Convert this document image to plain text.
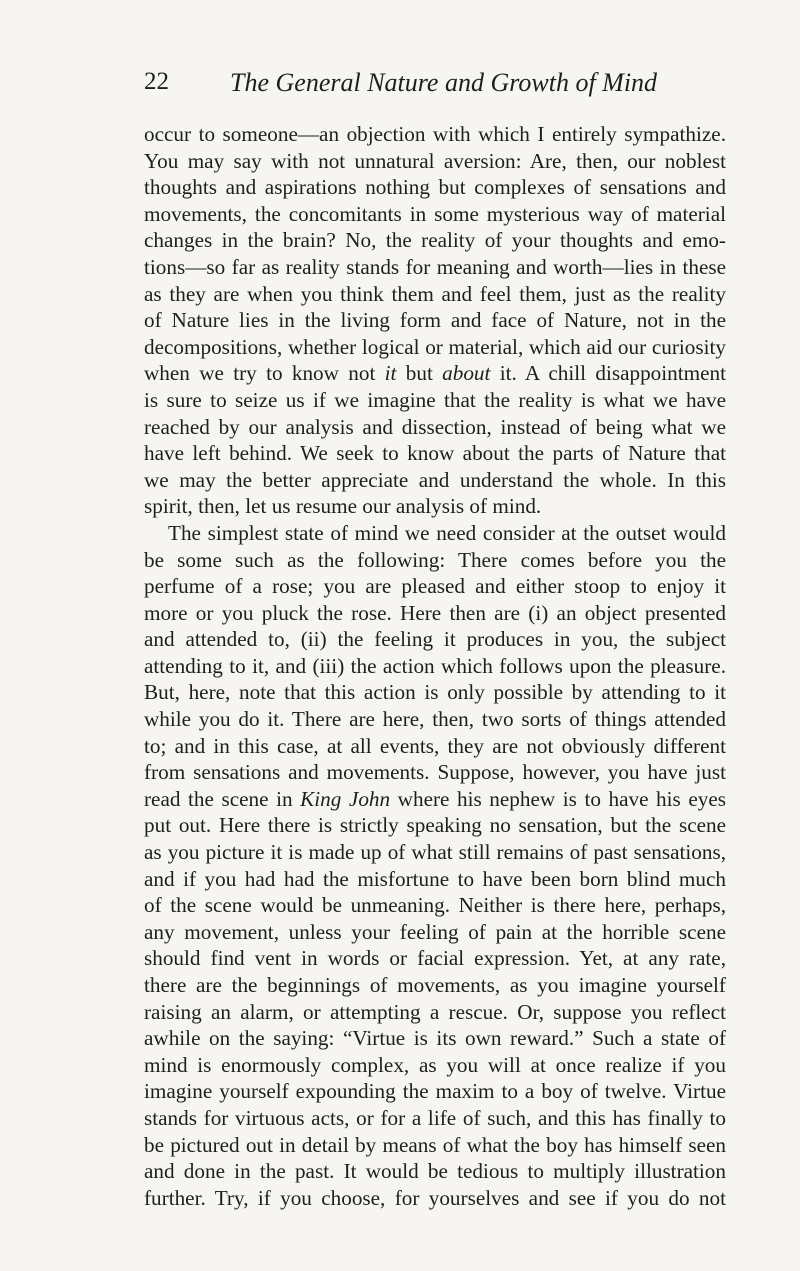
22 The General Nature and Growth of Mind
occur to someone—an objection with which I entirely sympathize.
You may say with not unnatural aversion: Are, then, our noblest
thoughts and aspirations nothing but complexes of sensations and
movements, the concomitants in some mysterious way of material
changes in the brain? No, the reality of your thoughts and emo-
tions—so far as reality stands for meaning and worth—lies in these
as they are when you think them and feel them, just as the reality
of Nature lies in the living form and face of Nature, not in the
decompositions, whether logical or material, which aid our curiosity
when we try to know not it but about it. A chill disappointment
is sure to seize us if we imagine that the reality is what we have
reached by our analysis and dissection, instead of being what we
have left behind. We seek to know about the parts of Nature that
we may the better appreciate and understand the whole. In this
spirit, then, let us resume our analysis of mind.
The simplest state of mind we need consider at the outset would
be some such as the following: There comes before you the
perfume of a rose; you are pleased and either stoop to enjoy it
more or you pluck the rose. Here then are (i) an object presented
and attended to, (ii) the feeling it produces in you, the subject
attending to it, and (iii) the action which follows upon the pleasure.
But, here, note that this action is only possible by attending to it
while you do it. There are here, then, two sorts of things attended
to; and in this case, at all events, they are not obviously different
from sensations and movements. Suppose, however, you have just
read the scene in King John where his nephew is to have his eyes
put out. Here there is strictly speaking no sensation, but the scene
as you picture it is made up of what still remains of past sensations,
and if you had had the misfortune to have been born blind much
of the scene would be unmeaning. Neither is there here, perhaps,
any movement, unless your feeling of pain at the horrible scene
should find vent in words or facial expression. Yet, at any rate,
there are the beginnings of movements, as you imagine yourself
raising an alarm, or attempting a rescue. Or, suppose you reflect
awhile on the saying: “Virtue is its own reward.” Such a state of
mind is enormously complex, as you will at once realize if you
imagine yourself expounding the maxim to a boy of twelve. Virtue
stands for virtuous acts, or for a life of such, and this has finally to
be pictured out in detail by means of what the boy has himself seen
and done in the past. It would be tedious to multiply illustration
further. Try, if you choose, for yourselves and see if you do not
